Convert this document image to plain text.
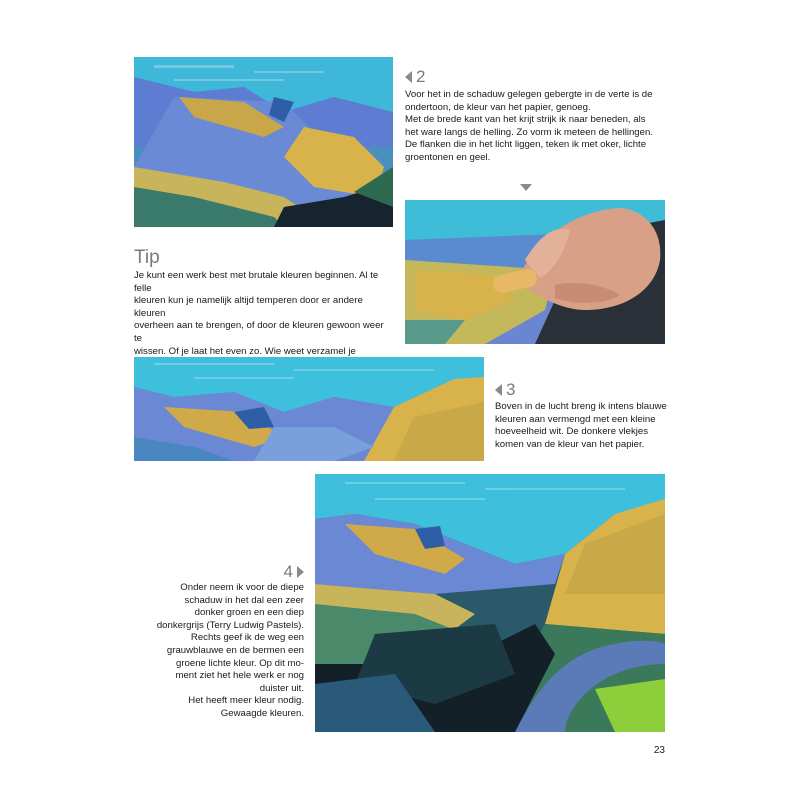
2

Voor het in de schaduw gelegen gebergte in de verte is de

ondertoon, de kleur van het papier, genoeg.

Met de brede kant van het krijt strijk ik naar beneden, als

het ware langs de helling. Zo vorm ik meteen de hellingen.

De flanken die in het licht liggen, teken ik met oker, lichte

groentonen en geel.

Tip

Je kunt een werk best met brutale kleuren beginnen. Al te felle

kleuren kun je namelijk altijd temperen door er andere kleuren

overheen aan te brengen, of door de kleuren gewoon weer te

wissen. Of je laat het even zo. Wie weet verzamel je

3

Boven in de lucht breng ik intens blauwe

kleuren aan vermengd met een kleine

hoeveelheid wit. De donkere vlekjes

komen van de kleur van het papier.

4

Onder neem ik voor de diepe

schaduw in het dal een zeer

donker groen en een diep

donkergrijs (Terry Ludwig Pastels).

Rechts geef ik de weg een

grauwblauwe en de bermen een

groene lichte kleur. Op dit mo-

ment ziet het hele werk er nog

duister uit.

Het heeft meer kleur nodig.

Gewaagde kleuren.

23
